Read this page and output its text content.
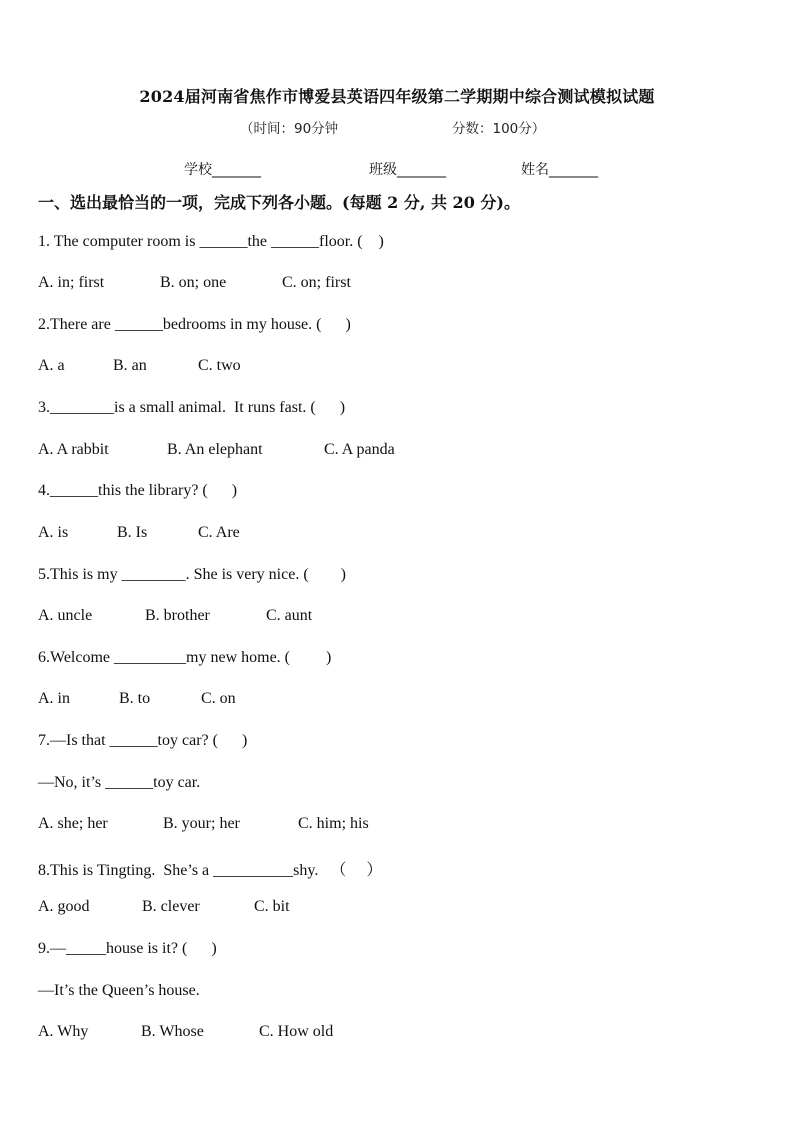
2024届河南省焦作市博爱县英语四年级第二学期期中综合测试模拟试题
（时间：90分钟	分数：100分）
学校_______	班级_______	姓名_______
一、选出最恰当的一项，完成下列各小题。(每题 2 分, 共 20 分)。
1. The computer room is ______the ______floor. (    )
A. in; first	B. on; one	C. on; first
2.There are ______bedrooms in my house. (      )
A. a	B. an	C. two
3.________is a small animal.  It runs fast. (      )
A. A rabbit	B. An elephant	C. A panda
4.______this the library? (      )
A. is	B. Is	C. Are
5.This is my ________. She is very nice. (        )
A. uncle	B. brother	C. aunt
6.Welcome _________my new home. (         )
A. in	B. to	C. on
7.—Is that ______toy car? (      )
—No, it’s ______toy car.
A. she; her	B. your; her	C. him; his
8.This is Tingting.  She’s a __________shy.   （     ）
A. good	B. clever	C. bit
9.—_____house is it? (      )
—It’s the Queen’s house.
A. Why	B. Whose	C. How old
